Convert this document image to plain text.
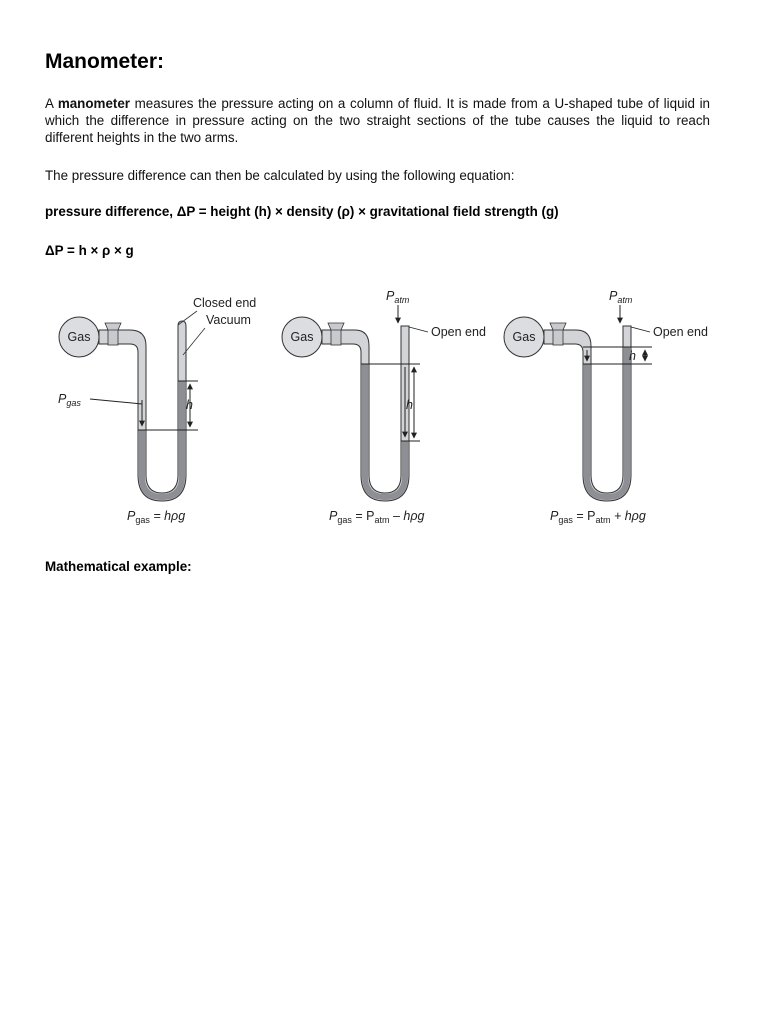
Manometer:

A manometer measures the pressure acting on a column of fluid. It is made from a U-shaped tube of liquid in which the difference in pressure acting on the two straight sections of the tube causes the liquid to reach different heights in the two arms.

The pressure difference can then be calculated by using the following equation:

pressure difference, ΔP = height (h) × density (ρ) × gravitational field strength (g)

ΔP = h × ρ × g

Gas
Closed end
Vacuum
h
$P_{gas}$
$P_{gas} = h\rho g$
Gas
$P_{atm}$
Open end
h
$P_{gas} = P_{atm} - h\rho g$
Gas
$P_{atm}$
Open end
h
$P_{gas} = P_{atm} + h\rho g$

Mathematical example:
